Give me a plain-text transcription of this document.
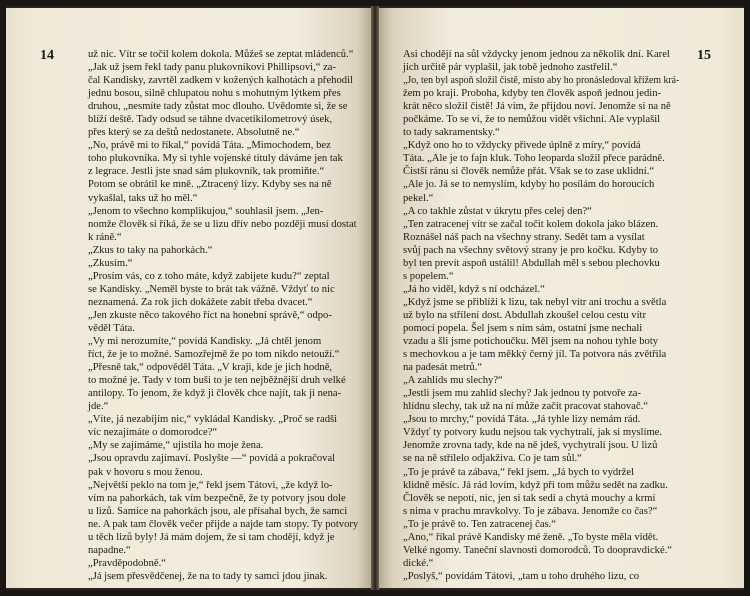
14	už nic. Vítr se točil kolem dokola. Můžeš se zeptat mládenců.“
„Jak už jsem řekl tady panu plukovníkovi Phillipsovi,“ za-
čal Kandisky, zavrtěl zadkem v kožených kalhotách a přehodil
jednu bosou, silně chlupatou nohu s mohutným lýtkem přes
druhou, „nesmíte tady zůstat moc dlouho. Uvědomte si, že se
blíží deště. Tady odsud se táhne dvacetikilometrový úsek,
přes který se za deštů nedostanete. Absolutně ne.“
„No, právě mi to říkal,“ povídá Táta. „Mimochodem, bez
toho plukovníka. My si tyhle vojenské tituly dáváme jen tak
z legrace. Jestli jste snad sám plukovník, tak promiňte.“
Potom se obrátil ke mně. „Ztracený lizy. Kdyby ses na ně
vykašlal, taks už ho měl.“
„Jenom to všechno komplikujou,“ souhlasil jsem. „Jen-
nomže člověk si říká, že se u lizu dřív nebo později musí dostat
k ráně.“
„Zkus to taky na pahorkách.“
„Zkusím.“
„Prosím vás, co z toho máte, když zabijete kudu?“ zeptal
se Kandisky. „Neměl byste to brát tak vážně. Vždyť to nic
neznamená. Za rok jich dokážete zabít třeba dvacet.“
„Jen zkuste něco takového říct na honební správě,“ odpo-
věděl Táta.
„Vy mi nerozumíte,“ povídá Kandisky. „Já chtěl jenom
říct, že je to možné. Samozřejmě že po tom nikdo netouží.“
„Přesně tak,“ odpověděl Táta. „V kraji, kde je jich hodně,
to možné je. Tady v tom buši to je ten nejběžnější druh velké
antilopy. To jenom, že když ji člověk chce najít, tak ji nena-
jde.“
„Víte, já nezabíjím nic,“ vykládal Kandisky. „Proč se radši
víc nezajímáte o domorodce?“
„My se zajímáme,“ ujistila ho moje žena.
„Jsou opravdu zajímaví. Poslyšte —“ povídá a pokračoval
pak v hovoru s mou ženou.
„Největší peklo na tom je,“ řekl jsem Tátovi, „že když lo-
vím na pahorkách, tak vím bezpečně, že ty potvory jsou dole
u lizů. Samice na pahorkách jsou, ale přísahal bych, že samci
ne. A pak tam člověk večer přijde a najde tam stopy. Ty potvory
u těch lizů byly! Já mám dojem, že si tam chodějí, když je
napadne.“
„Pravděpodobně.“
„Já jsem přesvědčenej, že na to tady ty samci jdou jinak.
15
Asi chodějí na sůl vždycky jenom jednou za několik dní. Karel
jich určitě pár vyplašil, jak tobě jednoho zastřelil.“
„Jo, ten byl aspoň složil čistě, místo aby ho pronásledoval křížem krá-
žem po kraji. Proboha, kdyby ten člověk aspoň jednou jedin-
krát něco složil čistě! Já vím, že přijdou noví. Jenomže si na ně
počkáme. To se ví, že to nemůžou vidět všichni. Ale vyplašil
to tady sakramentsky.“
„Když ono ho to vždycky přivede úplně z míry,“ povídá
Táta. „Ale je to fajn kluk. Toho leoparda složil přece parádně.
Čistší ránu si člověk nemůže přát. Však se to zase uklidní.“
„Ale jo. Já se to nemyslím, kdyby ho posílám do horoucích
pekel.“
„A co takhle zůstat v úkrytu přes celej den?“
„Ten zatracenej vítr se začal točit kolem dokola jako blázen.
Roznášel náš pach na všechny strany. Sedět tam a vysílat
svůj pach na všechny světový strany je pro kočku. Kdyby to
byl ten prevít aspoň ustálil! Abdullah měl s sebou plechovku
s popelem.“
„Já ho viděl, když s ní odcházel.“
„Když jsme se přiblíži k lizu, tak nebyl vítr ani trochu a světla
už bylo na střílení dost. Abdullah zkoušel celou cestu vítr
pomocí popela. Šel jsem s ním sám, ostatní jsme nechali
vzadu a šli jsme potichoučku. Měl jsem na nohou tyhle boty
s mechovkou a je tam měkký černý jíl. Ta potvora nás zvětřila
na padesát metrů.“
„A zahlíds mu slechy?“
„Jestli jsem mu zahlíd slechy? Jak jednou ty potvoře za-
hlídnu slechy, tak už na ní může začít pracovat stahovač.“
„Jsou to mrchy,“ povídá Táta. „Já tyhle lizy nemám rád.
Vždyť ty potvory kudu nejsou tak vychytralí, jak si myslíme.
Jenomže zrovna tady, kde na ně jdeš, vychytralí jsou. U lizů
se na ně střílelo odjakživa. Co je tam sůl.“
„To je právě ta zábava,“ řekl jsem. „Já bych to vydržel
klidně měsíc. Já rád lovím, když při tom můžu sedět na zadku.
Člověk se nepotí, nic, jen si tak sedí a chytá mouchy a krmí
s nima v prachu mravkolvy. To je zábava. Jenomže co čas?“
„To je právě to. Ten zatracenej čas.“
„Ano,“ říkal právě Kandisky mé ženě. „To byste měla vidět.
Velké ngomy. Taneční slavnosti domorodců. To doopravdické.“
dické.“
„Poslyš,“ povídám Tátovi, „tam u toho druhého lizu, co
